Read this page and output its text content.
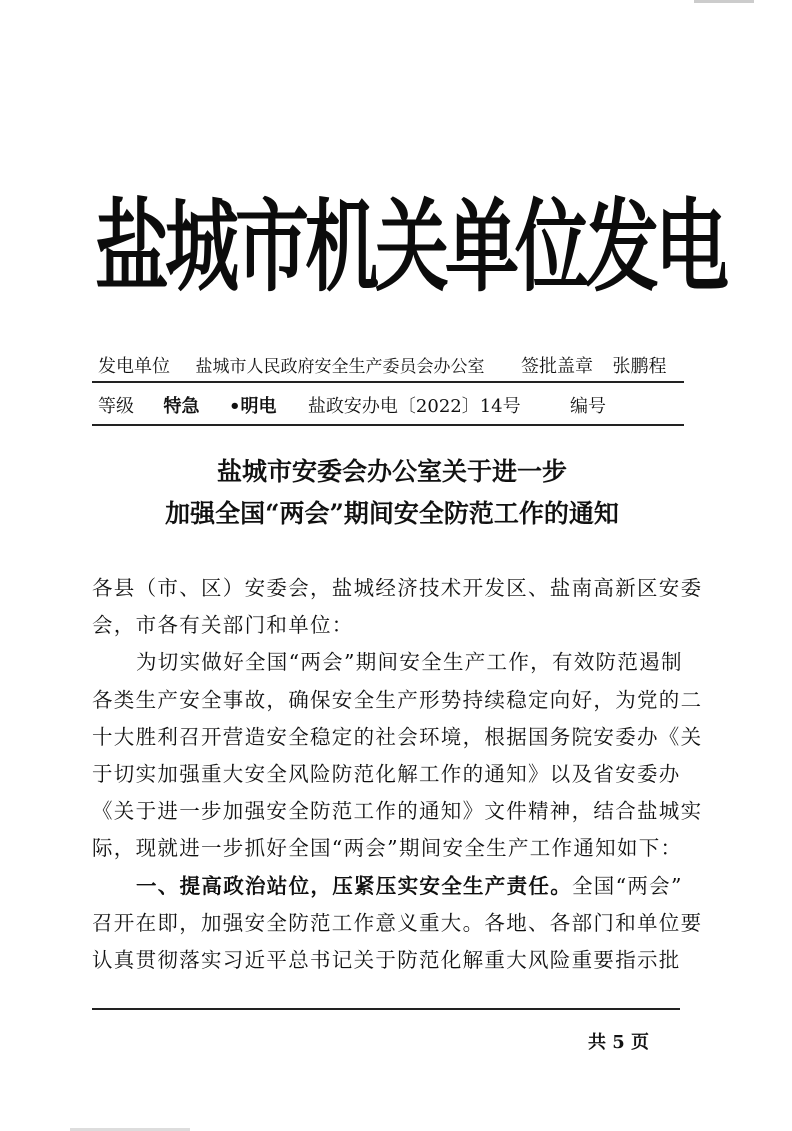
盐城市机关单位发电
发电单位 盐城市人民政府安全生产委员会办公室 签批盖章 张鹏程
等级 特急 •明电 盐政安办电〔2022〕14号	编号
盐城市安委会办公室关于进一步
加强全国“两会”期间安全防范工作的通知
各县（市、区）安委会，盐城经济技术开发区、盐南高新区安委
会，市各有关部门和单位：
为切实做好全国“两会”期间安全生产工作，有效防范遏制
各类生产安全事故，确保安全生产形势持续稳定向好，为党的二
十大胜利召开营造安全稳定的社会环境，根据国务院安委办《关
于切实加强重大安全风险防范化解工作的通知》以及省安委办
《关于进一步加强安全防范工作的通知》文件精神，结合盐城实
际，现就进一步抓好全国“两会”期间安全生产工作通知如下：
一、提高政治站位，压紧压实安全生产责任。全国“两会”
召开在即，加强安全防范工作意义重大。各地、各部门和单位要
认真贯彻落实习近平总书记关于防范化解重大风险重要指示批
共 5 页
